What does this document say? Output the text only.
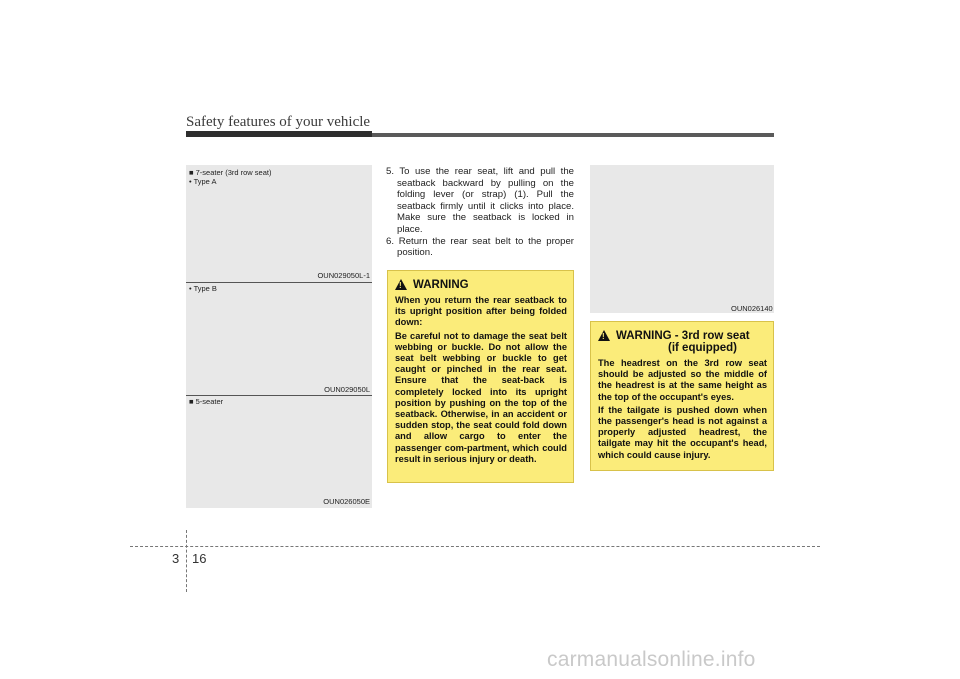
Safety features of your vehicle
■ 7-seater (3rd row seat)
• Type A
OUN029050L-1
• Type B
OUN029050L
■ 5-seater
OUN026050E

5. To use the rear seat, lift and pull the seatback backward by pulling on the folding lever (or strap) (1). Pull the seatback firmly until it clicks into place. Make sure the seatback is locked in place.

6. Return the rear seat belt to the proper position.

!
WARNING

When you return the rear seatback to its upright position after being folded down:

Be careful not to damage the seat belt webbing or buckle. Do not allow the seat belt webbing or buckle to get caught or pinched in the rear seat. Ensure that the seat-back is completely locked into its upright position by pushing on the top of the seatback. Otherwise, in an accident or sudden stop, the seat could fold down and allow cargo to enter the passenger com-partment, which could result in serious injury or death.

OUN026140
!
WARNING - 3rd row seat
(if equipped)

The headrest on the 3rd row seat should be adjusted so the middle of the headrest is at the same height as the top of the occupant's eyes.

If the tailgate is pushed down when the passenger's head is not against a properly adjusted headrest, the tailgate may hit the occupant's head, which could cause injury.

3 16
carmanualsonline.info
